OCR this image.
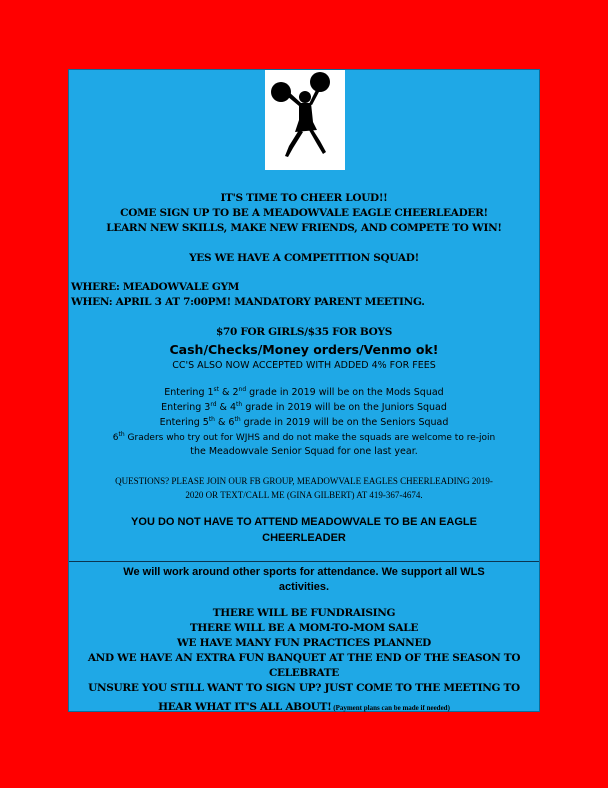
IT'S TIME TO CHEER LOUD!!
COME SIGN UP TO BE A MEADOWVALE EAGLE CHEERLEADER!
LEARN NEW SKILLS, MAKE NEW FRIENDS, AND COMPETE TO WIN!
YES WE HAVE A COMPETITION SQUAD!
WHERE: MEADOWVALE GYM
WHEN: APRIL 3 AT 7:00PM! MANDATORY PARENT MEETING.
$70 FOR GIRLS/$35 FOR BOYS
Cash/Checks/Money orders/Venmo ok!
CC'S ALSO NOW ACCEPTED WITH ADDED 4% FOR FEES
Entering 1st & 2nd grade in 2019 will be on the Mods Squad
Entering 3rd & 4th grade in 2019 will be on the Juniors Squad
Entering 5th & 6th grade in 2019 will be on the Seniors Squad
6th Graders who try out for WJHS and do not make the squads are welcome to re-join
the Meadowvale Senior Squad for one last year.
QUESTIONS? PLEASE JOIN OUR FB GROUP, MEADOWVALE EAGLES CHEERLEADING 2019-
2020 OR TEXT/CALL ME (GINA GILBERT) AT 419-367-4674.
YOU DO NOT HAVE TO ATTEND MEADOWVALE TO BE AN EAGLE
CHEERLEADER
We will work around other sports for attendance. We support all WLS
activities.
THERE WILL BE FUNDRAISING
THERE WILL BE A MOM-TO-MOM SALE
WE HAVE MANY FUN PRACTICES PLANNED
AND WE HAVE AN EXTRA FUN BANQUET AT THE END OF THE SEASON TO
CELEBRATE
UNSURE YOU STILL WANT TO SIGN UP? JUST COME TO THE MEETING TO
HEAR WHAT IT'S ALL ABOUT! (Payment plans can be made if needed)
